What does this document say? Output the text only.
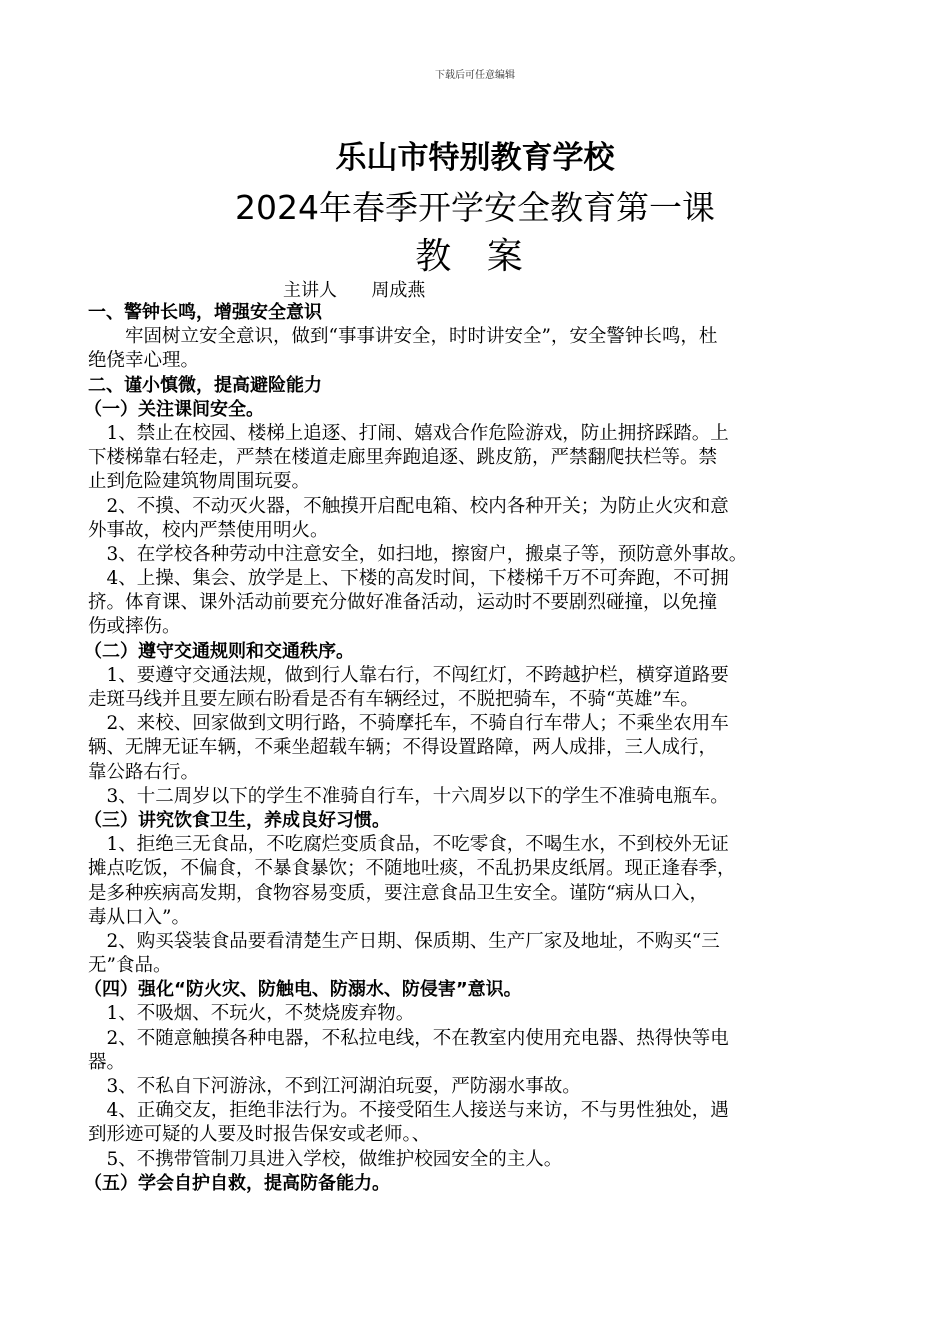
下载后可任意编辑
乐山市特别教育学校
2024年春季开学安全教育第一课
教 案
主讲人      周成燕
一、警钟长鸣，增强安全意识
　　牢固树立安全意识，做到“事事讲安全，时时讲安全”，安全警钟长鸣，杜
绝侥幸心理。
二、谨小慎微，提高避险能力
（一）关注课间安全。
　1、禁止在校园、楼梯上追逐、打闹、嬉戏合作危险游戏，防止拥挤踩踏。上
下楼梯靠右轻走，严禁在楼道走廊里奔跑追逐、跳皮筋，严禁翻爬扶栏等。禁
止到危险建筑物周围玩耍。
　2、不摸、不动灭火器，不触摸开启配电箱、校内各种开关；为防止火灾和意
外事故，校内严禁使用明火。
　3、在学校各种劳动中注意安全，如扫地，擦窗户，搬桌子等，预防意外事故。
　4、上操、集会、放学是上、下楼的高发时间，下楼梯千万不可奔跑，不可拥
挤。体育课、课外活动前要充分做好准备活动，运动时不要剧烈碰撞，以免撞
伤或摔伤。
（二）遵守交通规则和交通秩序。
　1、要遵守交通法规，做到行人靠右行，不闯红灯，不跨越护栏，横穿道路要
走斑马线并且要左顾右盼看是否有车辆经过，不脱把骑车，不骑“英雄”车。
　2、来校、回家做到文明行路，不骑摩托车，不骑自行车带人；不乘坐农用车
辆、无牌无证车辆，不乘坐超载车辆；不得设置路障，两人成排，三人成行，
靠公路右行。
　3、十二周岁以下的学生不准骑自行车，十六周岁以下的学生不准骑电瓶车。
（三）讲究饮食卫生，养成良好习惯。
　1、拒绝三无食品，不吃腐烂变质食品，不吃零食，不喝生水，不到校外无证
摊点吃饭，不偏食，不暴食暴饮；不随地吐痰，不乱扔果皮纸屑。现正逢春季，
是多种疾病高发期，食物容易变质，要注意食品卫生安全。谨防“病从口入，
毒从口入”。
　2、购买袋装食品要看清楚生产日期、保质期、生产厂家及地址，不购买“三
无”食品。
（四）强化“防火灾、防触电、防溺水、防侵害”意识。
　1、不吸烟、不玩火，不焚烧废弃物。
　2、不随意触摸各种电器，不私拉电线，不在教室内使用充电器、热得快等电
器。
　3、不私自下河游泳，不到江河湖泊玩耍，严防溺水事故。
　4、正确交友，拒绝非法行为。不接受陌生人接送与来访，不与男性独处，遇
到形迹可疑的人要及时报告保安或老师。、
　5、不携带管制刀具进入学校，做维护校园安全的主人。
（五）学会自护自救，提高防备能力。
